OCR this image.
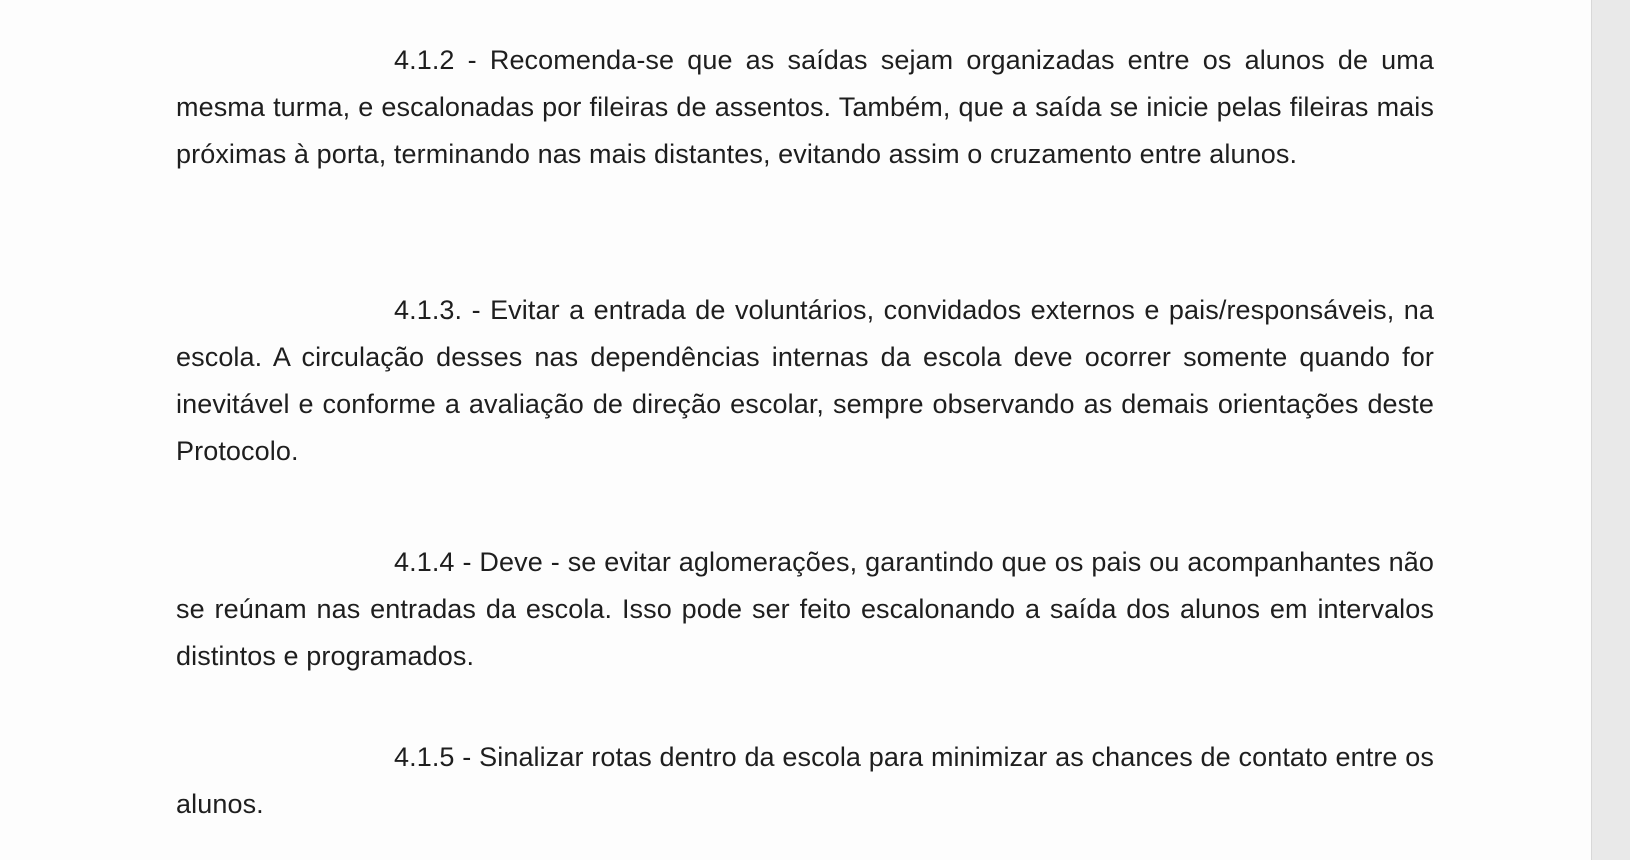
4.1.2 - Recomenda-se que as saídas sejam organizadas entre os alunos de uma mesma turma, e escalonadas por fileiras de assentos. Também, que a saída se inicie pelas fileiras mais próximas à porta, terminando nas mais distantes, evitando assim o cruzamento entre alunos.

4.1.3. - Evitar a entrada de voluntários, convidados externos e pais/responsáveis, na escola. A circulação desses nas dependências internas da escola deve ocorrer somente quando for inevitável e conforme a avaliação de direção escolar, sempre observando as demais orientações deste Protocolo.

4.1.4 - Deve - se evitar aglomerações, garantindo que os pais ou acompanhantes não se reúnam nas entradas da escola. Isso pode ser feito escalonando a saída dos alunos em intervalos distintos e programados.

4.1.5 - Sinalizar rotas dentro da escola para minimizar as chances de contato entre os alunos.
